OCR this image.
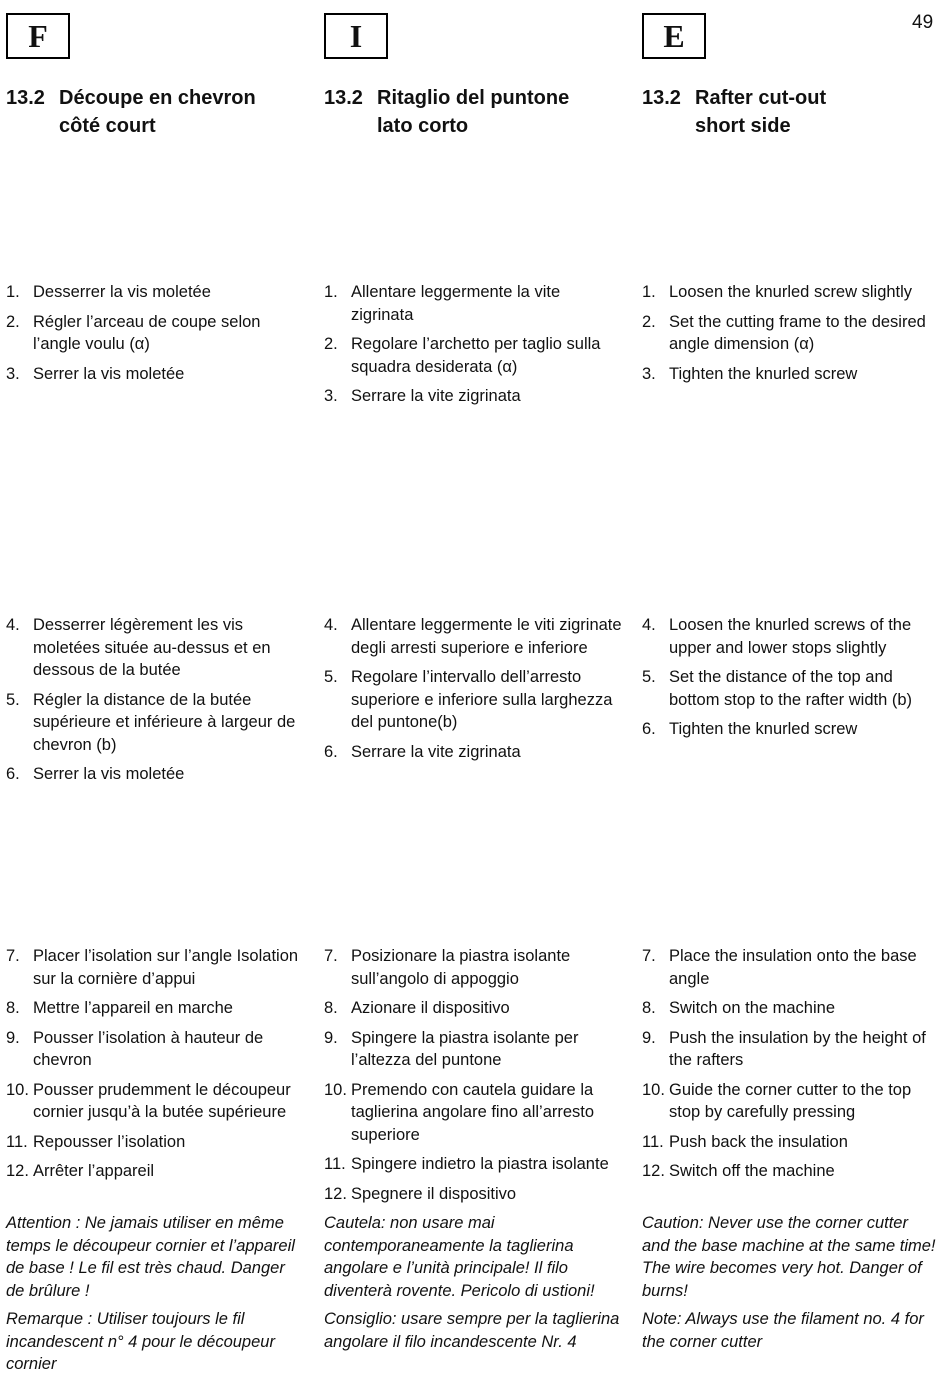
49
F
13.2 Découpe en chevron
côté court
1. Desserrer la vis moletée
2. Régler l’arceau de coupe selon l’angle voulu (α)
3. Serrer la vis moletée
4. Desserrer légèrement les vis moletées située au-dessus et en dessous de la butée
5. Régler la distance de la butée supérieure et inférieure à largeur de chevron (b)
6. Serrer la vis moletée
7. Placer l’isolation sur l’angle Isolation sur la cornière d’appui
8. Mettre l’appareil en marche
9. Pousser l’isolation à hauteur de chevron
10. Pousser prudemment le découpeur cornier jusqu’à la butée supérieure
11. Repousser l’isolation
12. Arrêter l’appareil
Attention : Ne jamais utiliser en même temps le découpeur cornier et l’appareil de base ! Le fil est très chaud. Danger de brûlure !
Remarque : Utiliser toujours le fil incandescent n° 4 pour le découpeur cornier
I
13.2 Ritaglio del puntone
lato corto
1. Allentare leggermente la vite zigrinata
2. Regolare l’archetto per taglio sulla squadra desiderata (α)
3. Serrare la vite zigrinata
4. Allentare leggermente le viti zigrinate degli arresti superiore e inferiore
5. Regolare l’intervallo dell’arresto superiore e inferiore sulla larghezza del puntone(b)
6. Serrare la vite zigrinata
7. Posizionare la piastra isolante sull’angolo di appoggio
8. Azionare il dispositivo
9. Spingere la piastra isolante per l’altezza del puntone
10. Premendo con cautela guidare la taglierina angolare fino all’arresto superiore
11. Spingere indietro la piastra isolante
12. Spegnere il dispositivo
Cautela: non usare mai contemporaneamente la taglierina angolare e l’unità principale! Il filo diventerà rovente. Pericolo di ustioni!
Consiglio: usare sempre per la taglierina angolare il filo incandescente Nr. 4
E
13.2 Rafter cut-out
short side
1. Loosen the knurled screw slightly
2. Set the cutting frame to the desired angle dimension (α)
3. Tighten the knurled screw
4. Loosen the knurled screws of the upper and lower stops slightly
5. Set the distance of the top and bottom stop to the rafter width (b)
6. Tighten the knurled screw
7. Place the insulation onto the base angle
8. Switch on the machine
9. Push the insulation by the height of the rafters
10. Guide the corner cutter to the top stop by carefully pressing
11. Push back the insulation
12. Switch off the machine
Caution: Never use the corner cutter and the base machine at the same time! The wire becomes very hot. Danger of burns!
Note: Always use the filament no. 4 for the corner cutter
